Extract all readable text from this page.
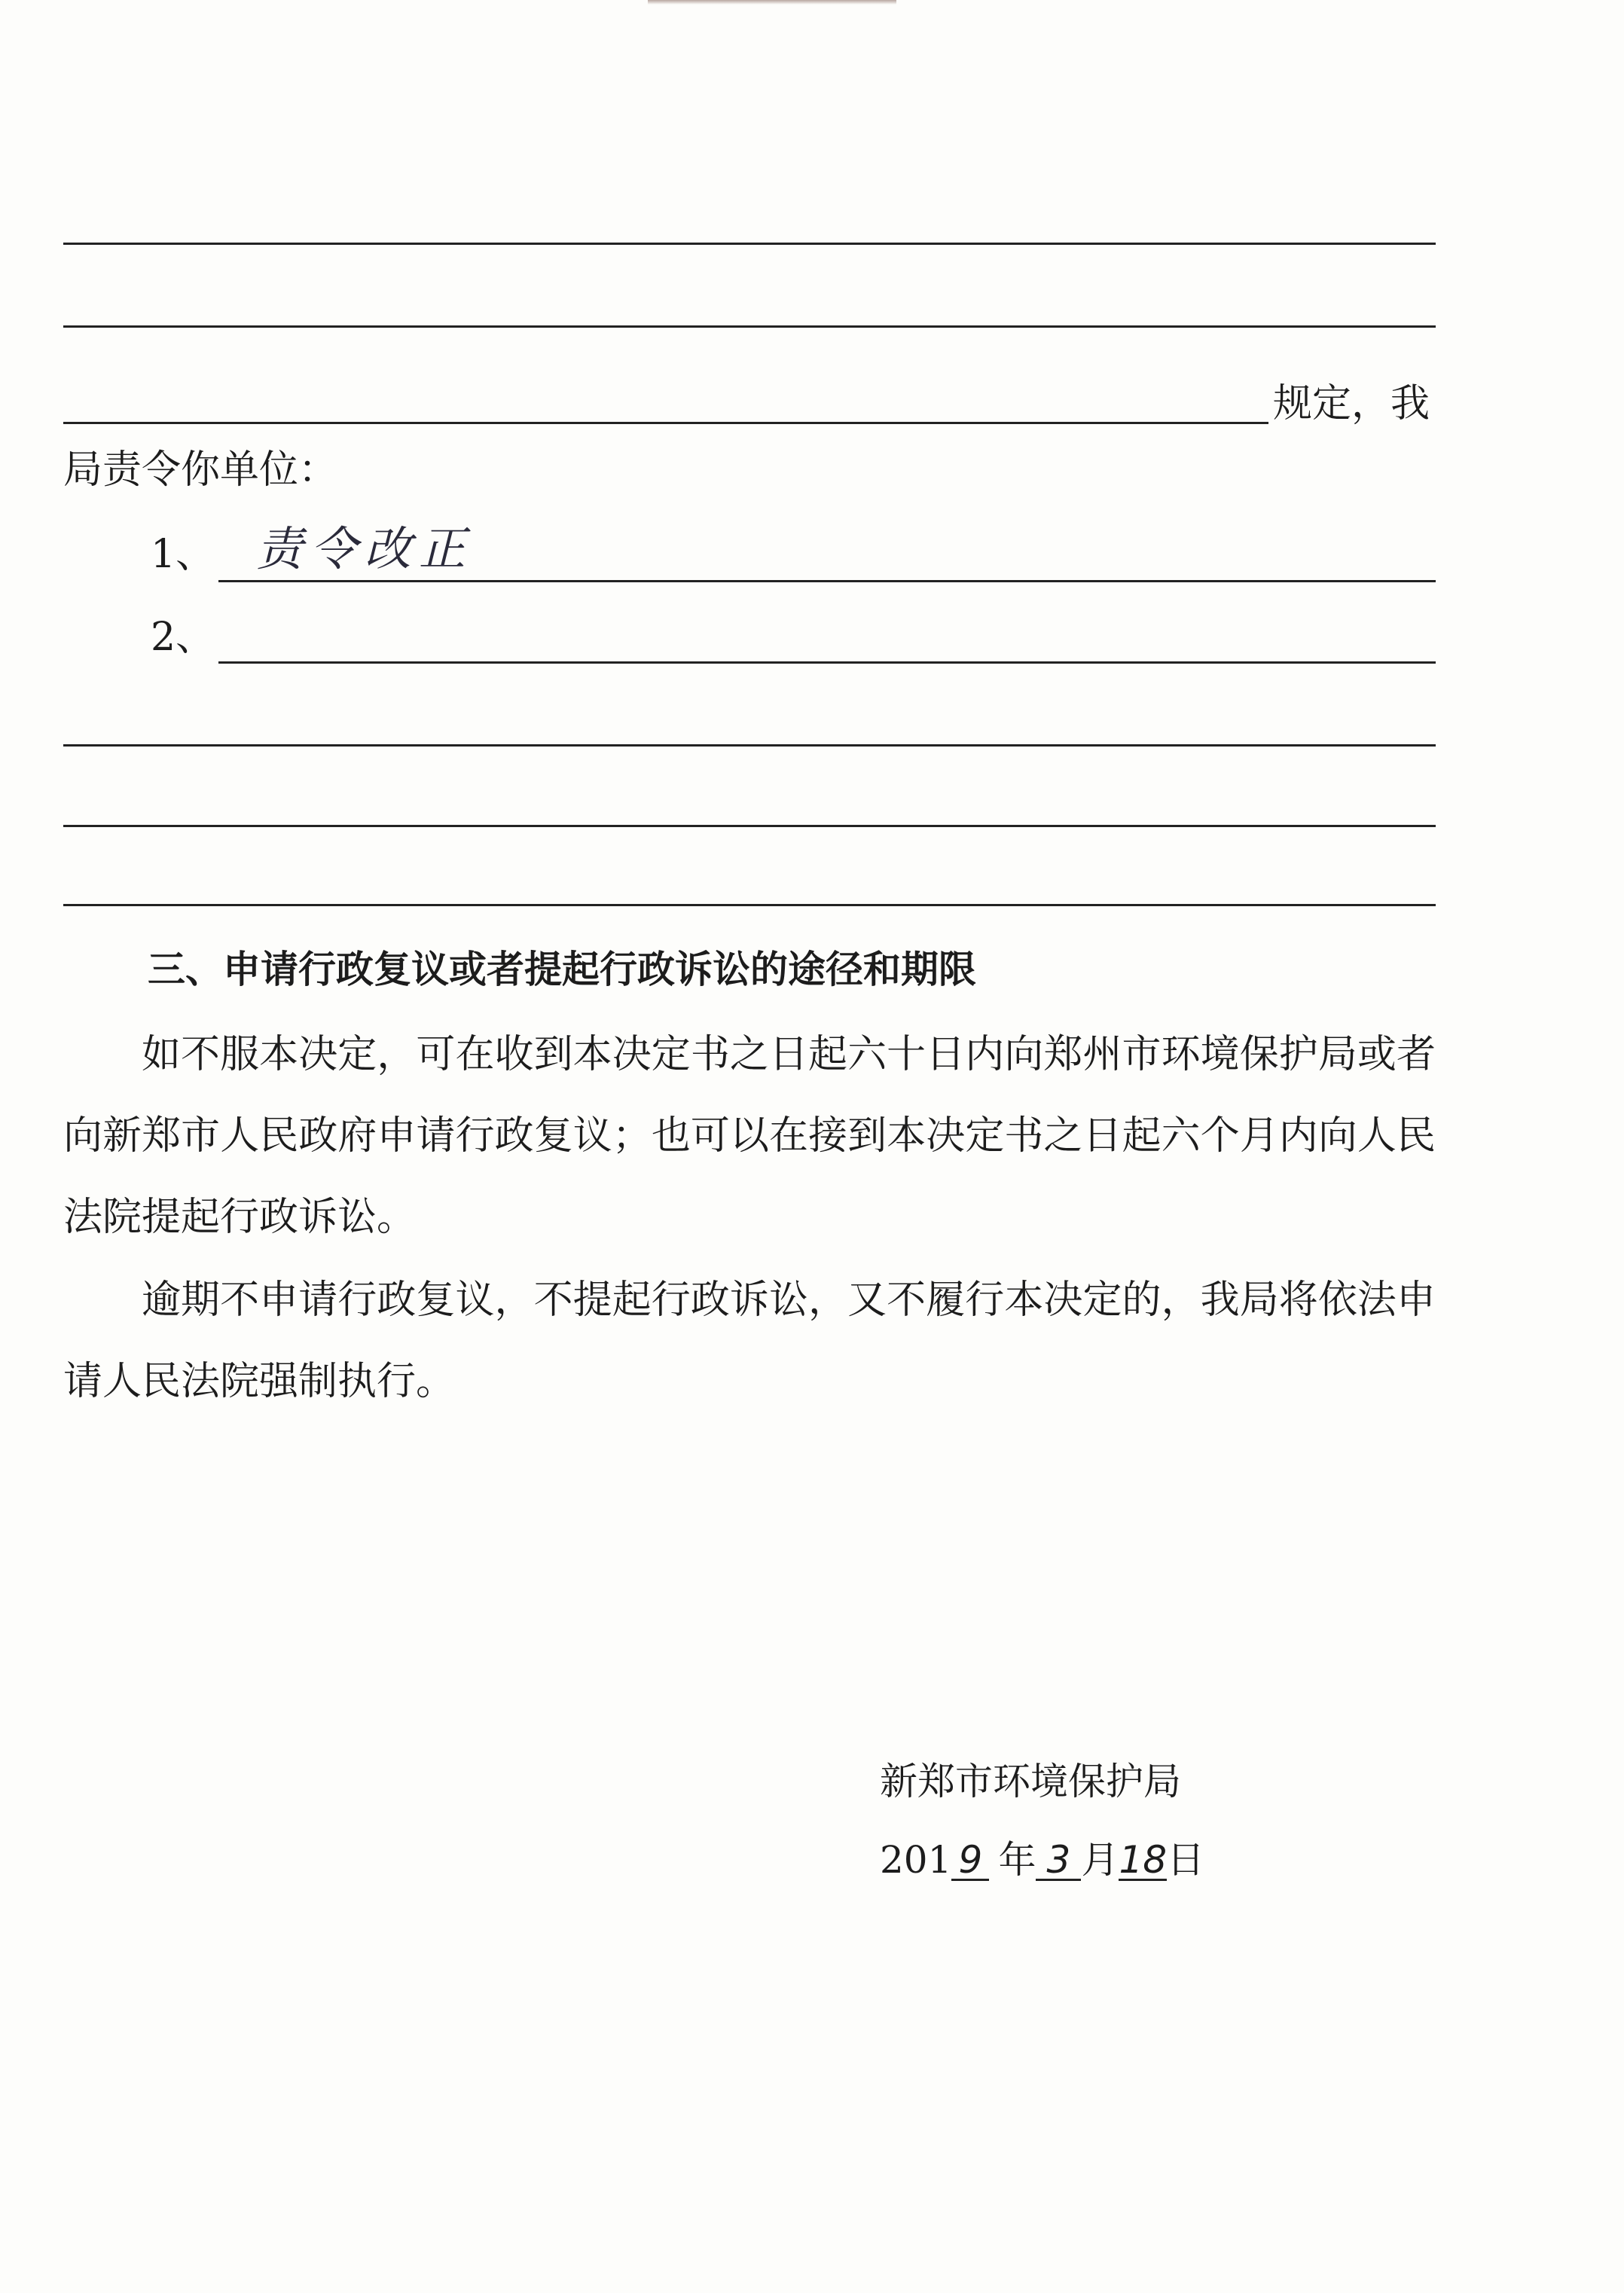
规定，我
局责令你单位：
1、 责令改正
2、
三、申请行政复议或者提起行政诉讼的途径和期限
如不服本决定，可在收到本决定书之日起六十日内向郑州市环境保护局或者向新郑市人民政府申请行政复议；也可以在接到本决定书之日起六个月内向人民法院提起行政诉讼。
逾期不申请行政复议，不提起行政诉讼，又不履行本决定的，我局将依法申请人民法院强制执行。
新郑市环境保护局
201 9 年 3 月18日
